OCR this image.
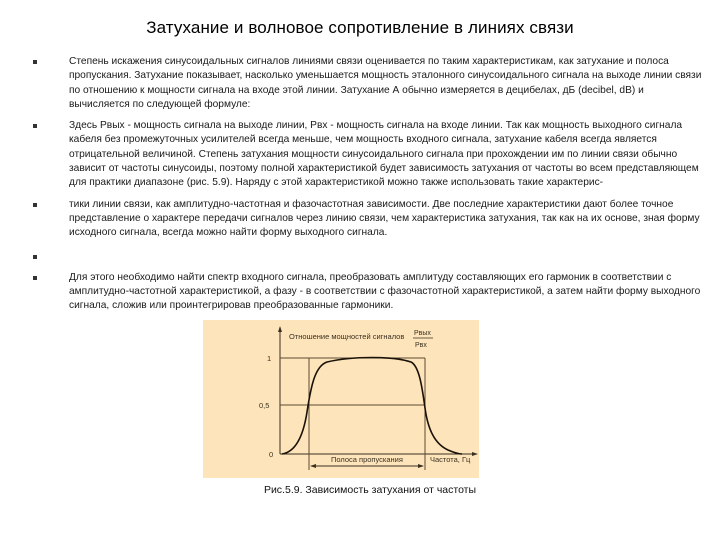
Затухание и волновое сопротивление в линиях связи
Степень искажения синусоидальных сигналов линиями связи оценивается по таким характеристикам, как затухание и полоса пропускания. Затухание показывает, насколько уменьшается мощность эталонного синусоидального сигнала на выходе линии связи по отношению к мощности сигнала на входе этой линии. Затухание А обычно измеряется в децибелах, дБ (decibel, dB) и вычисляется по следующей формуле:
Здесь Рвых - мощность сигнала на выходе линии, Рвх - мощность сигнала на входе линии. Так как мощность выходного сигнала кабеля без промежуточных усилителей всегда меньше, чем мощность входного сигнала, затухание кабеля всегда является отрицательной величиной. Степень затухания мощности синусоидального сигнала при прохождении им по линии связи обычно зависит от частоты синусоиды, поэтому полной характеристикой будет зависимость затухания от частоты во всем представляющем для практики диапазоне (рис. 5.9). Наряду с этой характеристикой можно также использовать такие характерис-
тики линии связи, как амплитудно-частотная и фазочастотная зависимости. Две последние характеристики дают более точное представление о характере передачи сигналов через линию связи, чем характеристика затухания, так как на их основе, зная форму исходного сигнала, всегда можно найти форму выходного сигнала.
Для этого необходимо найти спектр входного сигнала, преобразовать амплитуду составляющих его гармоник в соответствии с амплитудно-частотной характеристикой, а фазу - в соответствии с фазочастотной характеристикой, а затем найти форму выходного сигнала, сложив или проинтегрировав преобразованные гармоники.
1
0,5
0
Отношение мощностей сигналов Pвых
Pвх
Полоса пропускания	Частота, Гц
Рис.5.9. Зависимость затухания от частоты
